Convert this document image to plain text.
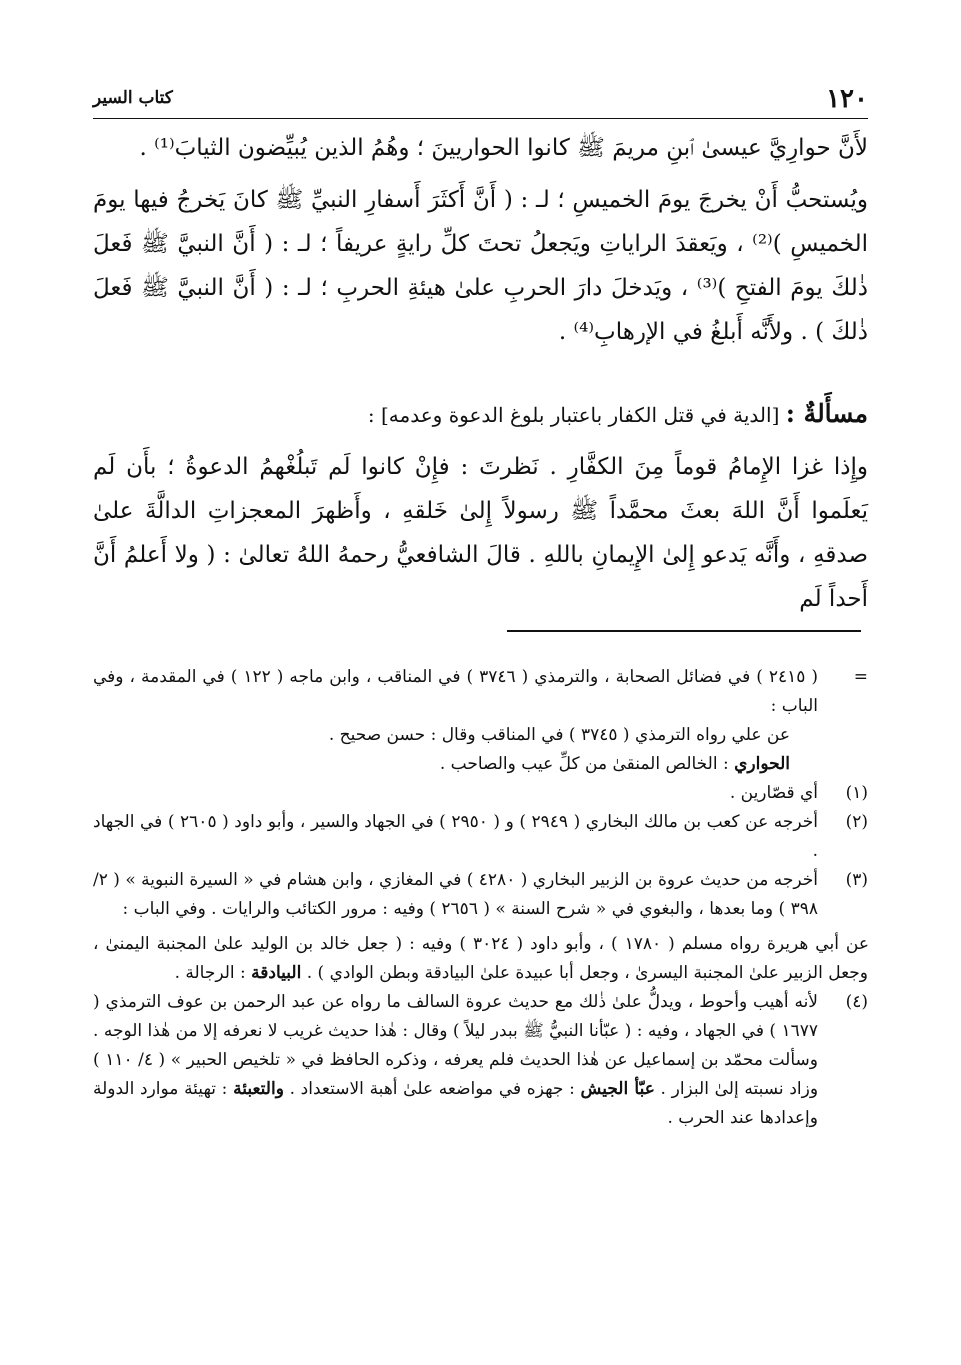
١٢٠
كتاب السير

لأَنَّ حوارِيَّ عيسىٰ ٱبنِ مريمَ ﷺ كانوا الحواريينَ ؛ وهُمُ الذين يُبيِّضون الثيابَ⁽¹⁾ .

ويُستحبُّ أَنْ يخرجَ يومَ الخميسِ ؛ لـ : ( أَنَّ أَكثَرَ أَسفارِ النبيِّ ﷺ كانَ يَخرجُ فيها يومَ الخميسِ )⁽²⁾ ، ويَعقدَ الراياتِ ويَجعلُ تحتَ كلِّ رايةٍ عريفاً ؛ لـ : ( أَنَّ النبيَّ ﷺ فَعلَ ذٰلكَ يومَ الفتحِ )⁽³⁾ ، ويَدخلَ دارَ الحربِ علىٰ هيئةِ الحربِ ؛ لـ : ( أَنَّ النبيَّ ﷺ فَعلَ ذٰلكَ ) . ولأَنَّه أَبلغُ في الإرهابِ⁽⁴⁾ .

مسأَلةٌ : [الدية في قتل الكفار باعتبار بلوغ الدعوة وعدمه] :

وإِذا غزا الإِمامُ قوماً مِنَ الكفَّارِ . نَظرتَ : فإِنْ كانوا لَم تَبلُغْهمُ الدعوةُ ؛ بأَن لَم يَعلَموا أَنَّ اللهَ بعثَ محمَّداً ﷺ رسولاً إِلىٰ خَلقهِ ، وأَظهرَ المعجزاتِ الدالَّةَ علىٰ صدقهِ ، وأَنَّه يَدعو إِلىٰ الإِيمانِ باللهِ . قالَ الشافعيُّ رحمهُ اللهُ تعالىٰ : ( ولا أَعلمُ أَنَّ أَحداً لَم

=

( ٢٤١٥ ) في فضائل الصحابة ، والترمذي ( ٣٧٤٦ ) في المناقب ، وابن ماجه ( ١٢٢ ) في المقدمة ، وفي الباب :

عن علي رواه الترمذي ( ٣٧٤٥ ) في المناقب وقال : حسن صحيح .

الحواري : الخالص المنقىٰ من كلِّ عيب والصاحب .

(١)

أي قصّارين .

(٢)

أخرجه عن كعب بن مالك البخاري ( ٢٩٤٩ ) و ( ٢٩٥٠ ) في الجهاد والسير ، وأبو داود ( ٢٦٠٥ ) في الجهاد .

(٣)

أخرجه من حديث عروة بن الزبير البخاري ( ٤٢٨٠ ) في المغازي ، وابن هشام في « السيرة النبوية » ( ٢/ ٣٩٨ ) وما بعدها ، والبغوي في « شرح السنة » ( ٢٦٥٦ ) وفيه : مرور الكتائب والرايات . وفي الباب :

عن أبي هريرة رواه مسلم ( ١٧٨٠ ) ، وأبو داود ( ٣٠٢٤ ) وفيه : ( جعل خالد بن الوليد علىٰ المجنبة اليمنىٰ ، وجعل الزبير علىٰ المجنبة اليسرىٰ ، وجعل أبا عبيدة علىٰ البيادقة وبطن الوادي ) . البيادقة : الرجالة .

(٤)

لأنه أهيب وأحوط ، ويدلُّ علىٰ ذٰلك مع حديث عروة السالف ما رواه عن عبد الرحمن بن عوف الترمذي ( ١٦٧٧ ) في الجهاد ، وفيه : ( عبّأنا النبيُّ ﷺ ببدر ليلاً ) وقال : هٰذا حديث غريب لا نعرفه إلا من هٰذا الوجه . وسألت محمّد بن إسماعيل عن هٰذا الحديث فلم يعرفه ، وذكره الحافظ في « تلخيص الحبير » ( ٤/ ١١٠ ) وزاد نسبته إلىٰ البزار . عبّأ الجيش : جهزه في مواضعه علىٰ أهبة الاستعداد . والتعبئة : تهيئة موارد الدولة وإعدادها عند الحرب .
